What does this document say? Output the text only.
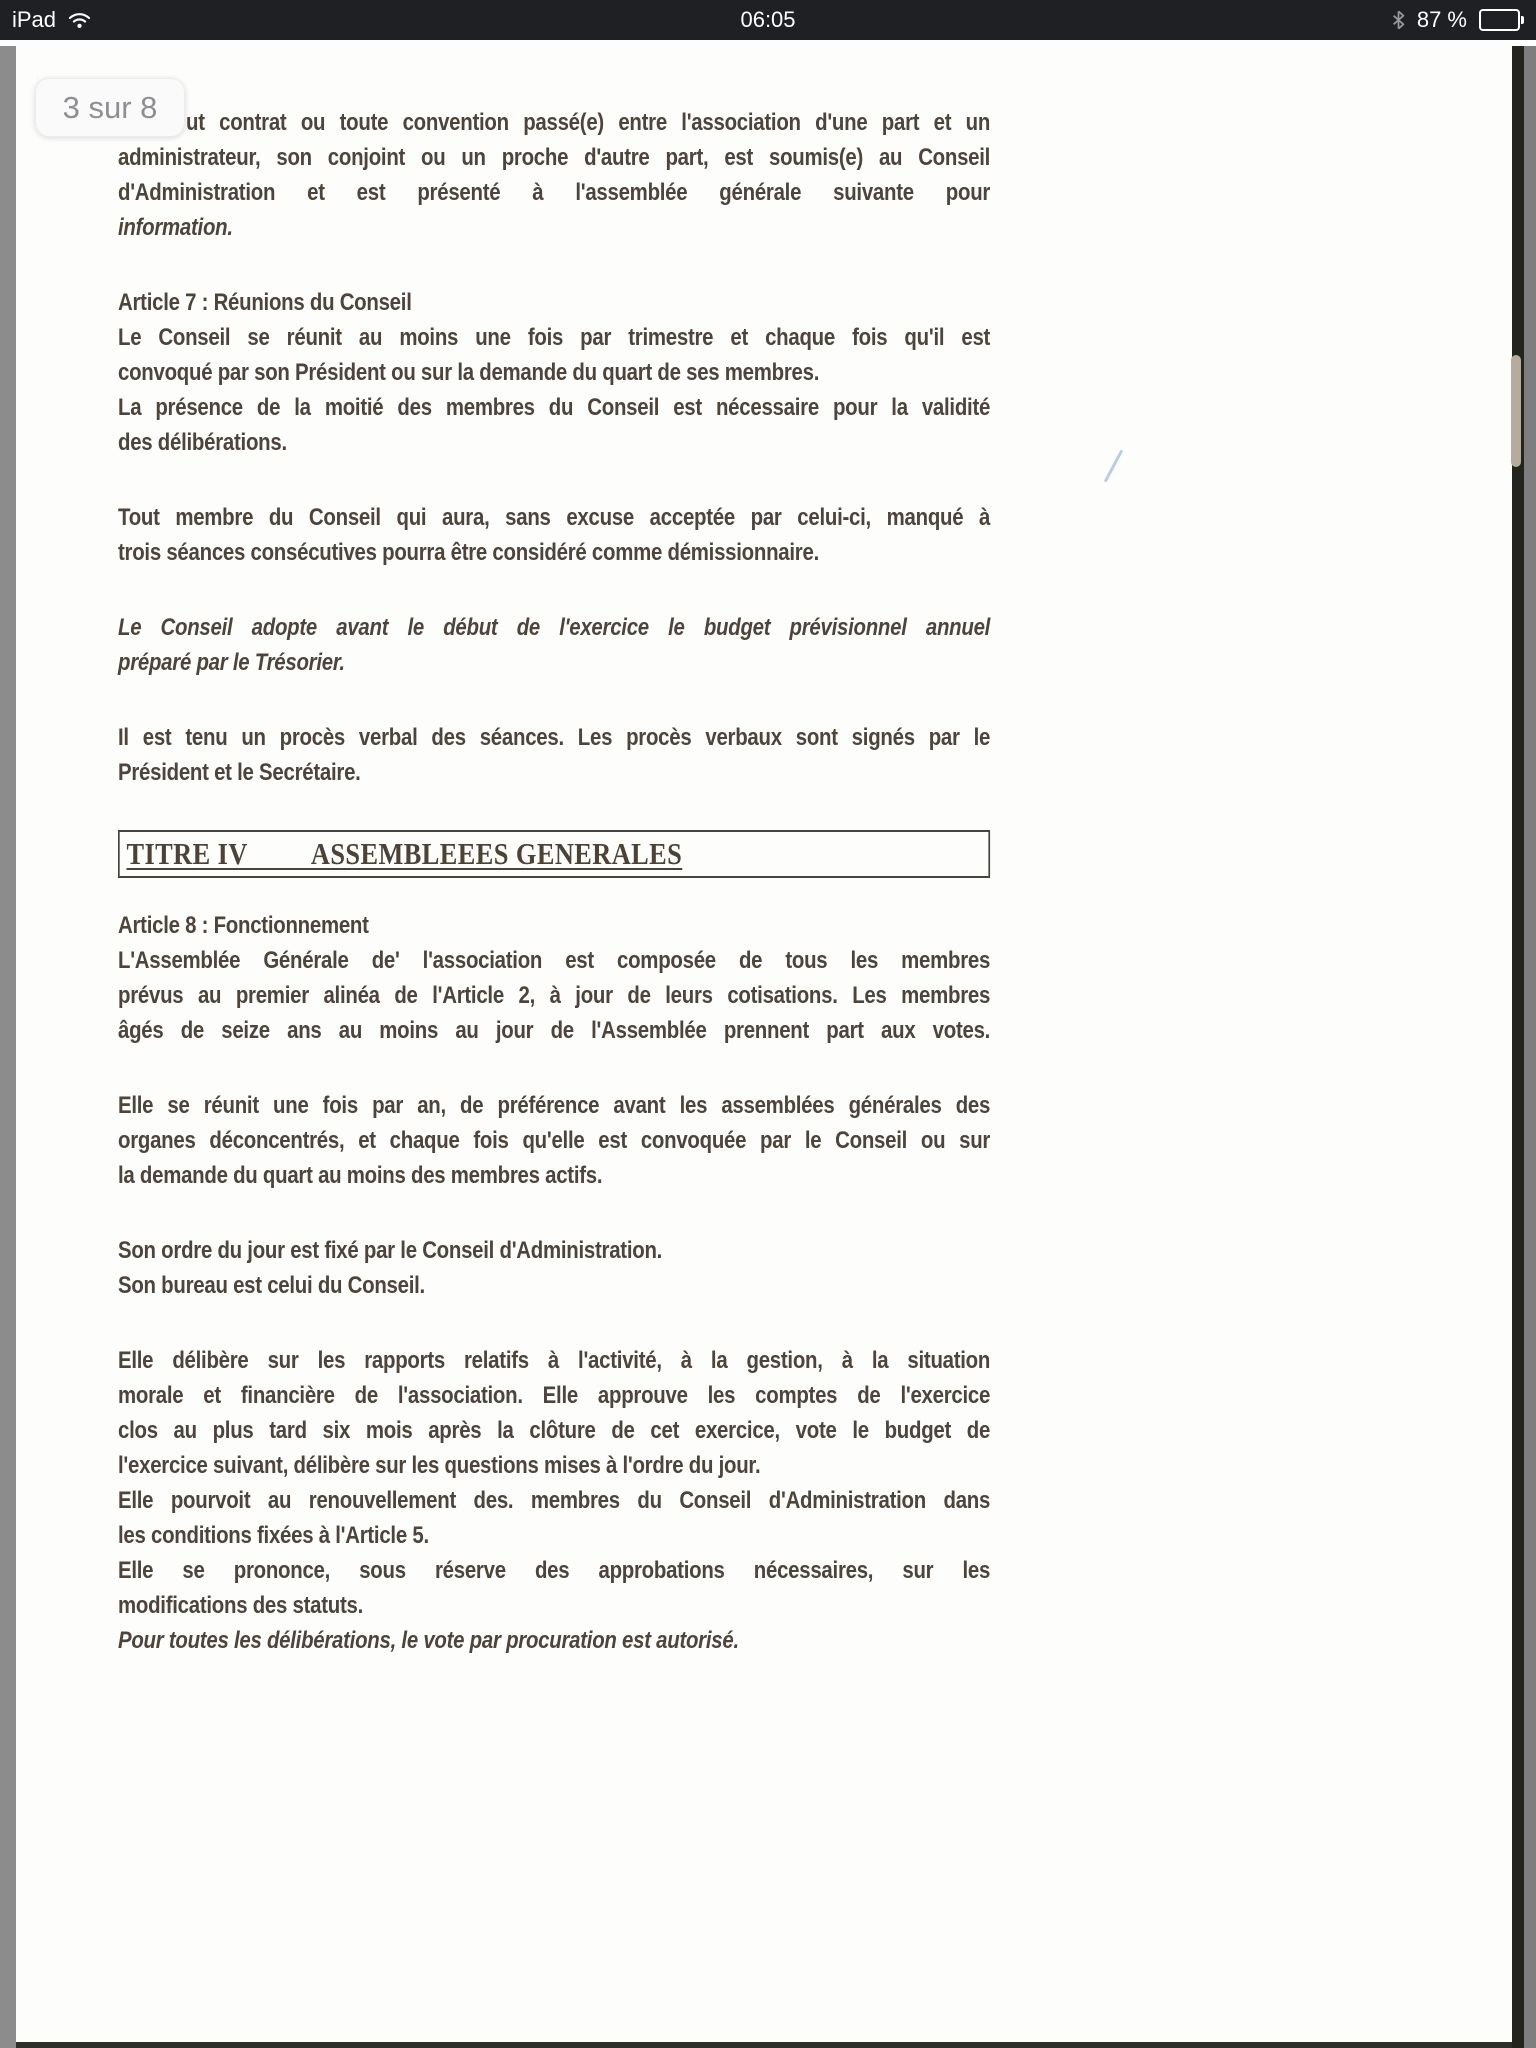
iPad	06:05	87 %
ut contrat ou toute convention passé(e) entre l'association d'une part et un
administrateur, son conjoint ou un proche d'autre part, est soumis(e) au Conseil
d'Administration et est présenté à l'assemblée générale suivante pour
information.
Article 7 : Réunions du Conseil
Le Conseil se réunit au moins une fois par trimestre et chaque fois qu'il est
convoqué par son Président ou sur la demande du quart de ses membres.
La présence de la moitié des membres du Conseil est nécessaire pour la validité
des délibérations.
Tout membre du Conseil qui aura, sans excuse acceptée par celui-ci, manqué à
trois séances consécutives pourra être considéré comme démissionnaire.
Le Conseil adopte avant le début de l'exercice le budget prévisionnel annuel
préparé par le Trésorier.
Il est tenu un procès verbal des séances. Les procès verbaux sont signés par le
Président et le Secrétaire.
TITRE IV         ASSEMBLEEES GENERALES
Article 8 : Fonctionnement
L'Assemblée Générale de' l'association est composée de tous les membres
prévus au premier alinéa de l'Article 2, à jour de leurs cotisations. Les membres
âgés de seize ans au moins au jour de l'Assemblée prennent part aux votes.
Elle se réunit une fois par an, de préférence avant les assemblées générales des
organes déconcentrés, et chaque fois qu'elle est convoquée par le Conseil ou sur
la demande du quart au moins des membres actifs.
Son ordre du jour est fixé par le Conseil d'Administration.
Son bureau est celui du Conseil.
Elle délibère sur les rapports relatifs à l'activité, à la gestion, à la situation
morale et financière de l'association. Elle approuve les comptes de l'exercice
clos au plus tard six mois après la clôture de cet exercice, vote le budget de
l'exercice suivant, délibère sur les questions mises à l'ordre du jour.
Elle pourvoit au renouvellement des. membres du Conseil d'Administration dans
les conditions fixées à l'Article 5.
Elle se prononce, sous réserve des approbations nécessaires, sur les
modifications des statuts.
Pour toutes les délibérations, le vote par procuration est autorisé.
3 sur 8
